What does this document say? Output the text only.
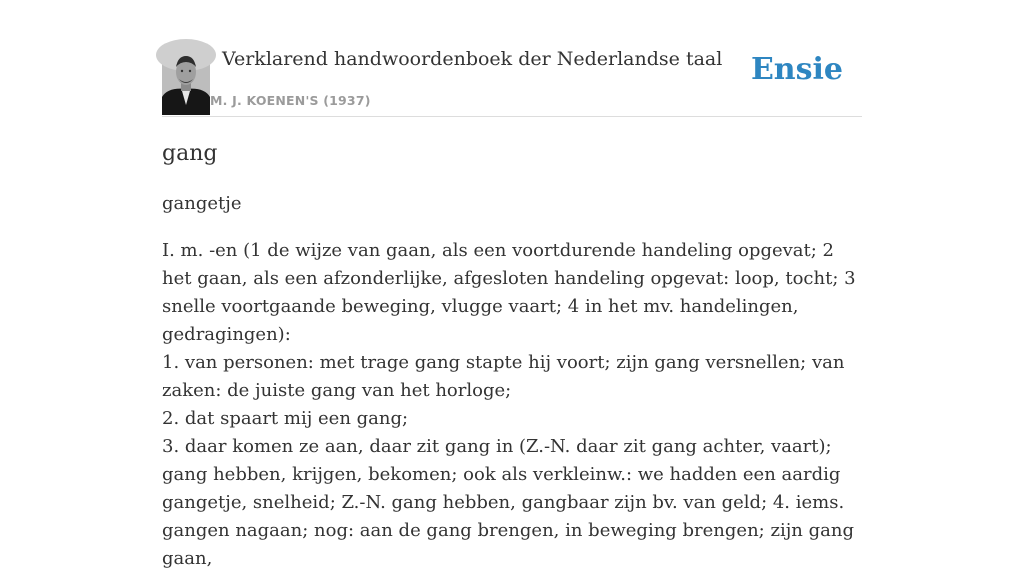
Verklarend handwoordenboek der Nederlandse taal
M. J. KOENEN'S (1937)
Ensie
gang

gangetje

I. m. -en (1 de wijze van gaan, als een voortdurende handeling opgevat; 2 het gaan, als een afzonderlijke, afgesloten handeling opgevat: loop, tocht; 3 snelle voortgaande beweging, vlugge vaart; 4 in het mv. handelingen, gedragingen):
1. van personen: met trage gang stapte hij voort; zijn gang versnellen; van zaken: de juiste gang van het horloge;
2. dat spaart mij een gang;
3. daar komen ze aan, daar zit gang in (Z.-N. daar zit gang achter, vaart); gang hebben, krijgen, bekomen; ook als verkleinw.: we hadden een aardig gangetje, snelheid; Z.-N. gang hebben, gangbaar zijn bv. van geld; 4. iems. gangen nagaan; nog: aan de gang brengen, in beweging brengen; zijn gang gaan,
